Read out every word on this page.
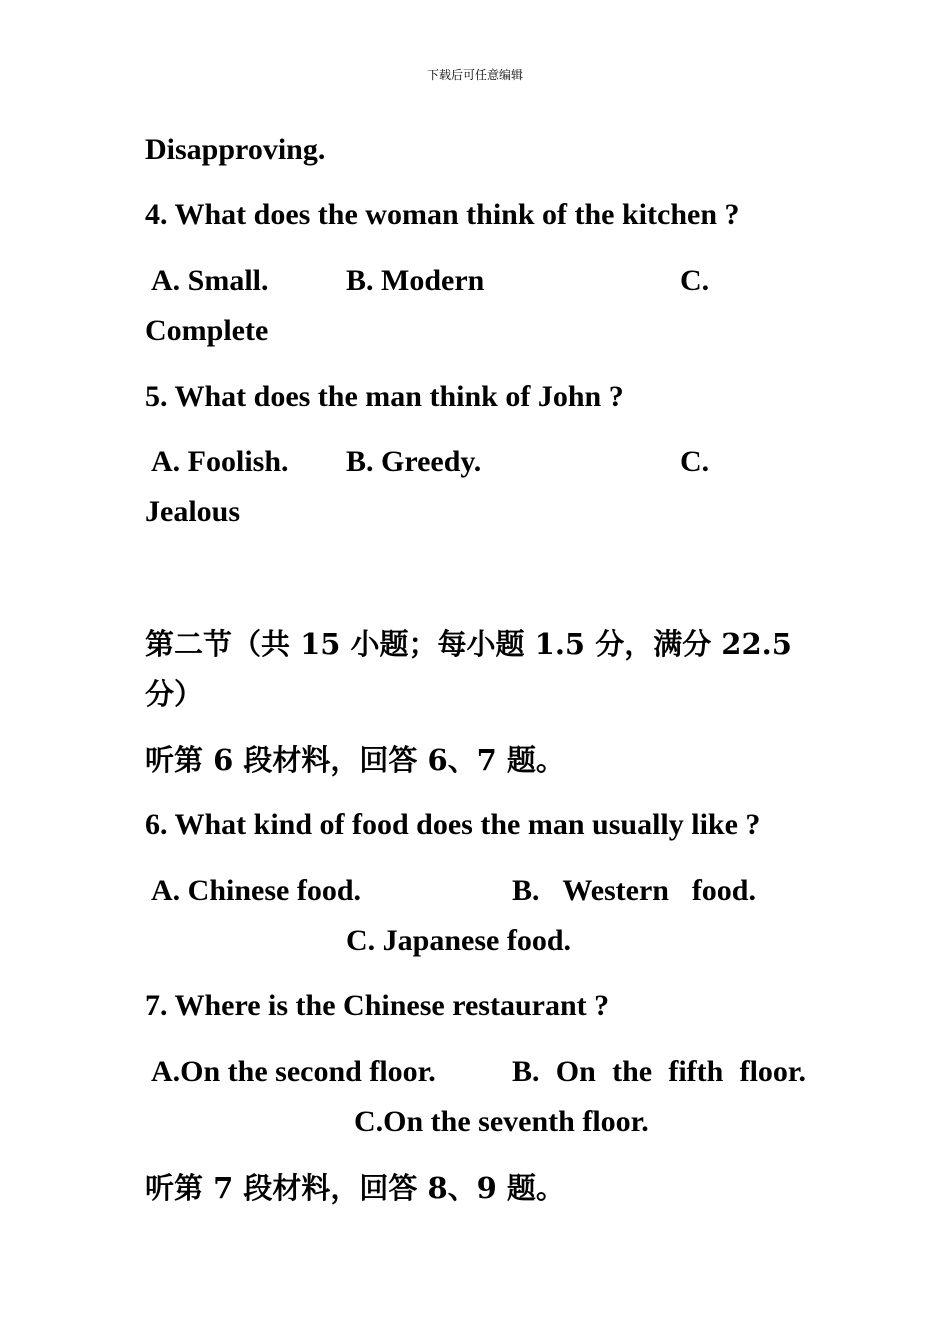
下载后可任意编辑
Disapproving.
4. What does the woman think of the kitchen ?
A. Small.	B. Modern	C.
Complete
5. What does the man think of John ?
A. Foolish. B. Greedy.	C.
Jealous
第二节（共 15 小题；每小题 1.5 分，满分 22.5
分）
听第 6 段材料，回答 6、7 题。
6. What kind of food does the man usually like ?
A. Chinese food.	B. Western food.
C. Japanese food.
7. Where is the Chinese restaurant ?
A.On the second floor.	B. On the fifth floor.
C.On the seventh floor.
听第 7 段材料，回答 8、9 题。
